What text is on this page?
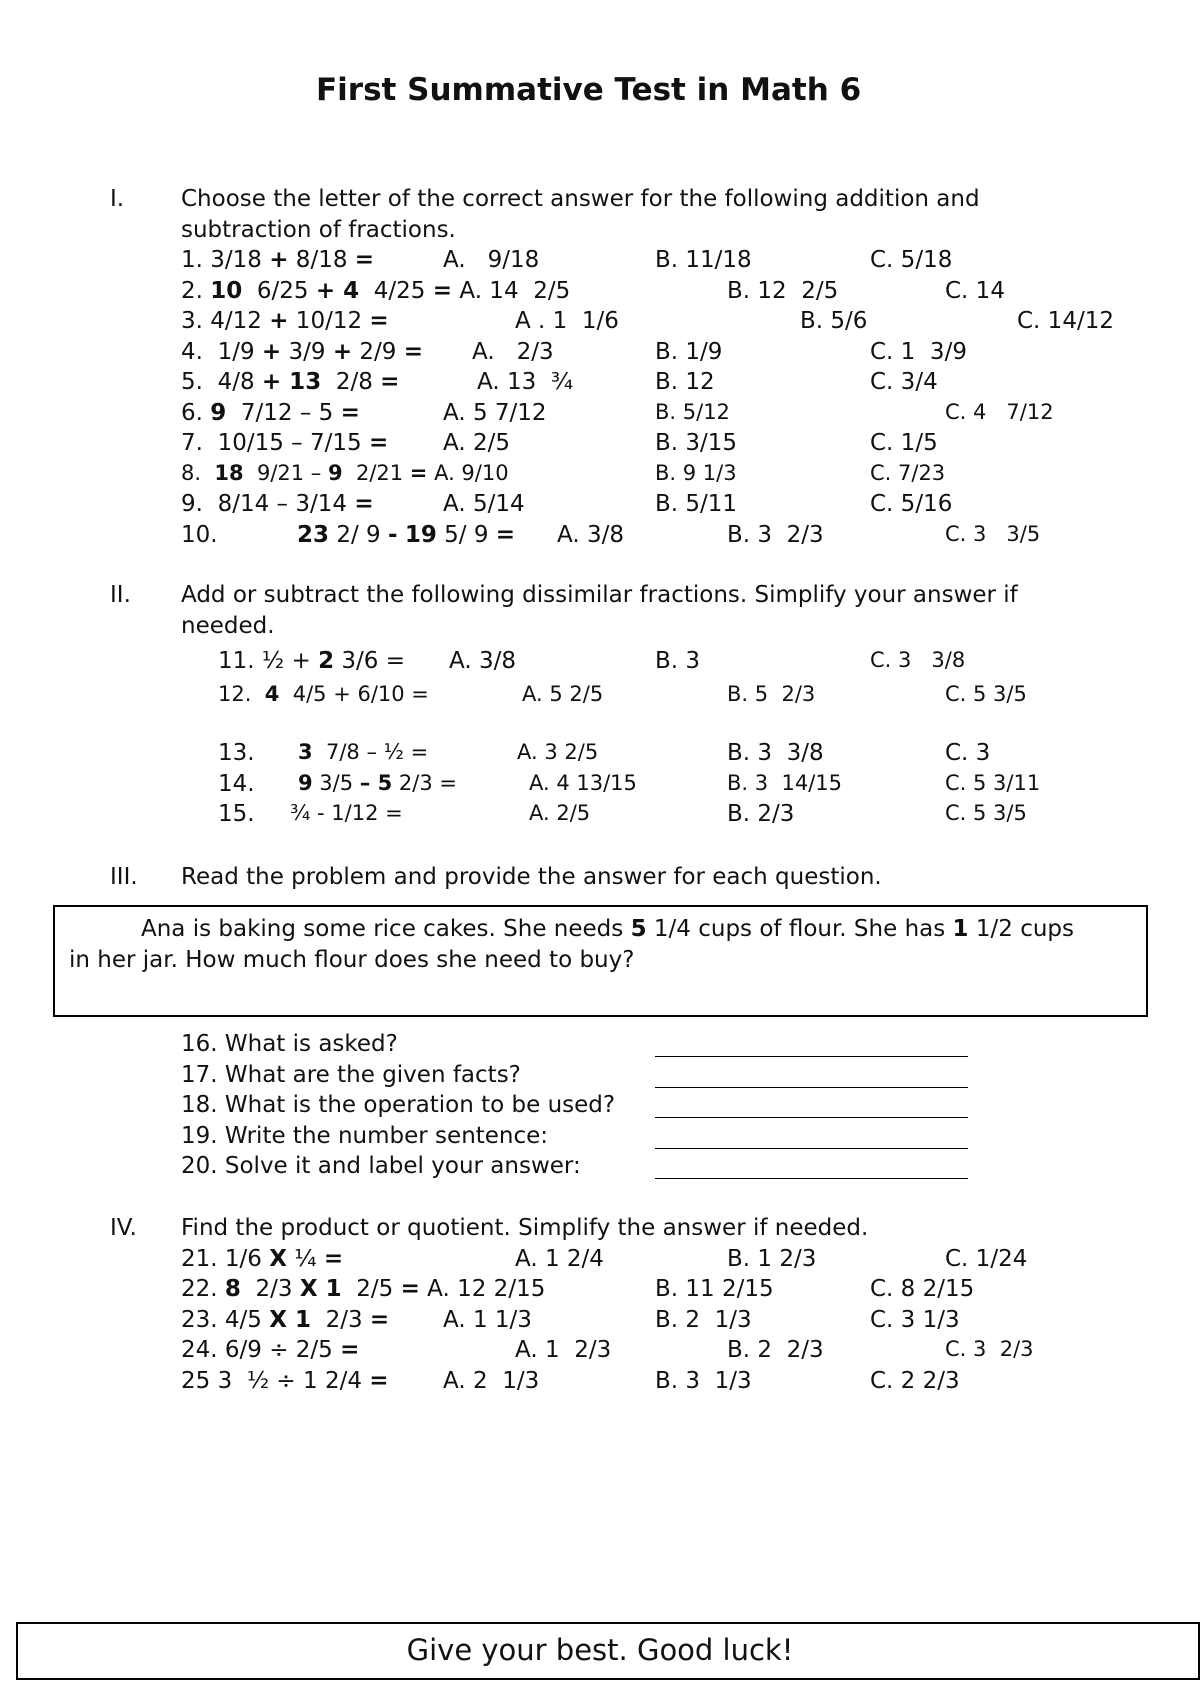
First Summative Test in Math 6
I. Choose the letter of the correct answer for the following addition and
subtraction of fractions.
II. Add or subtract the following dissimilar fractions. Simplify your answer if
needed.
III. Read the problem and provide the answer for each question.
Ana is baking some rice cakes. She needs 5 1/4 cups of flour. She has 1 1/2 cups
in her jar. How much flour does she need to buy?
IV. Find the product or quotient. Simplify the answer if needed.
Give your best. Good luck!
1. 3/18 + 8/18 =	A.   9/18	B. 11/18	C. 5/18
2. 10  6/25 + 4  4/25 = A. 14  2/5	B. 12  2/5	C. 14
3. 4/12 + 10/12 =	A . 1  1/6	B. 5/6	C. 14/12
4.  1/9 + 3/9 + 2/9 = A.   2/3	B. 1/9	C. 1  3/9
5.  4/8 + 13  2/8 =	A. 13  ¾	B. 12	C. 3/4
6. 9  7/12 – 5 =	A. 5 7/12	B. 5/12	C. 4   7/12
7.  10/15 – 7/15 = A. 2/5	B. 3/15	C. 1/5
8.  18  9/21 – 9  2/21 = A. 9/10	B. 9 1/3	C. 7/23
9.  8/14 – 3/14 =	A. 5/14	B. 5/11	C. 5/16
10.	23 2/ 9 - 19 5/ 9 = A. 3/8	B. 3  2/3	C. 3   3/5
11. ½ + 2 3/6 = A. 3/8	B. 3	C. 3   3/8
12.  4  4/5 + 6/10 =	A. 5 2/5	B. 5  2/3	C. 5 3/5
13. 3  7/8 – ½ =	A. 3 2/5	B. 3  3/8	C. 3
14. 9 3/5 – 5 2/3 =	A. 4 13/15	B. 3  14/15	C. 5 3/11
15. ¾ - 1/12 =	A. 2/5	B. 2/3	C. 5 3/5
16. What is asked?
17. What are the given facts?
18. What is the operation to be used?
19. Write the number sentence:
20. Solve it and label your answer:
21. 1/6 X ¼ =	A. 1 2/4	B. 1 2/3	C. 1/24
22. 8  2/3 X 1  2/5 = A. 12 2/15	B. 11 2/15	C. 8 2/15
23. 4/5 X 1  2/3 = A. 1 1/3	B. 2  1/3	C. 3 1/3
24. 6/9 ÷ 2/5 =	A. 1  2/3	B. 2  2/3	C. 3  2/3
25 3  ½ ÷ 1 2/4 = A. 2  1/3	B. 3  1/3	C. 2 2/3
